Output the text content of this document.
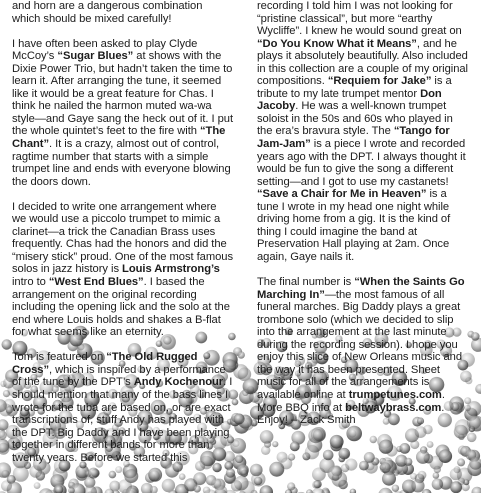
and horn are a dangerous combination which should be mixed carefully!

I have often been asked to play Clyde McCoy’s “Sugar Blues” at shows with the Dixie Power Trio, but hadn’t taken the time to learn it. After arranging the tune, it seemed like it would be a great feature for Chas. I think he nailed the harmon muted wa-wa style—and Gaye sang the heck out of it. I put the whole quintet’s feet to the fire with “The Chant”. It is a crazy, almost out of control, ragtime number that starts with a simple trumpet line and ends with everyone blowing the doors down.

I decided to write one arrangement where we would use a piccolo trumpet to mimic a clarinet—a trick the Canadian Brass uses frequently. Chas had the honors and did the “misery stick” proud. One of the most famous solos in jazz history is Louis Armstrong’s intro to “West End Blues”. I based the arrangement on the original recording including the opening lick and the solo at the end where Louis holds and shakes a B-flat for what seems like an eternity.

Tom is featured on “The Old Rugged Cross”, which is inspired by a performance of the tune by the DPT’s Andy Kochenour. I should mention that many of the bass lines I wrote for the tuba are based on, or are exact transcriptions of, stuff Andy has played with the DPT. Big Daddy and I have been playing together in different bands for more than twenty years. Before we started this

recording I told him I was not looking for “pristine classical”, but more “earthy Wycliffe”. I knew he would sound great on “Do You Know What it Means”, and he plays it absolutely beautifully. Also included in this collection are a couple of my original compositions. “Requiem for Jake” is a tribute to my late trumpet mentor Don Jacoby. He was a well-known trumpet soloist in the 50s and 60s who played in the era’s bravura style. The “Tango for Jam-Jam” is a piece I wrote and recorded years ago with the DPT. I always thought it would be fun to give the song a different setting—and I got to use my castanets! “Save a Chair for Me in Heaven” is a tune I wrote in my head one night while driving home from a gig. It is the kind of thing I could imagine the band at Preservation Hall playing at 2am. Once again, Gaye nails it.

The final number is “When the Saints Go Marching In”—the most famous of all funeral marches. Big Daddy plays a great trombone solo (which we decided to slip into the arrangement at the last minute during the recording session). I hope you enjoy this slice of New Orleans music and the way it has been presented. Sheet music for all of the arrangements is available online at trumpetunes.com. More BBQ info at beltwaybrass.com. Enjoy! – Zack Smith
